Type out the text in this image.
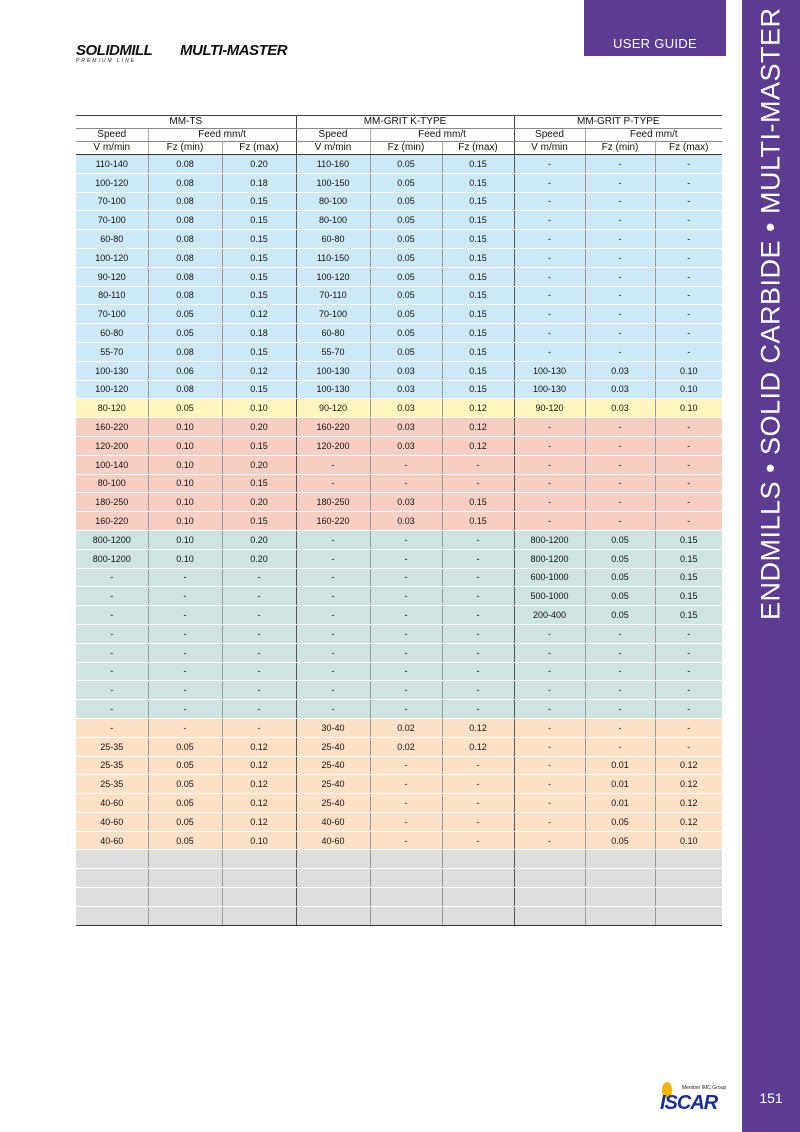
SOLIDMILL
PREMIUM LINE
MULTI-MASTER	USER GUIDE	ENDMILLS • SOLID CARBIDE • MULTI-MASTER
151
Member IMC Group
ISCAR
MM-TS			MM-GRIT K-TYPE			MM-GRIT P-TYPE		
Speed	Feed mm/t		Speed	Feed mm/t		Speed	Feed mm/t	
V m/min	Fz (min)	Fz (max)	V m/min	Fz (min)	Fz (max)	V m/min	Fz (min)	Fz (max)
110-140	0.08	0.20	110-160	0.05	0.15	-	-	-
100-120	0.08	0.18	100-150	0.05	0.15	-	-	-
70-100	0.08	0.15	80-100	0.05	0.15	-	-	-
70-100	0.08	0.15	80-100	0.05	0.15	-	-	-
60-80	0.08	0.15	60-80	0.05	0.15	-	-	-
100-120	0.08	0.15	110-150	0.05	0.15	-	-	-
90-120	0.08	0.15	100-120	0.05	0.15	-	-	-
80-110	0.08	0.15	70-110	0.05	0.15	-	-	-
70-100	0.05	0.12	70-100	0.05	0.15	-	-	-
60-80	0.05	0.18	60-80	0.05	0.15	-	-	-
55-70	0.08	0.15	55-70	0.05	0.15	-	-	-
100-130	0.06	0.12	100-130	0.03	0.15	100-130	0.03	0.10
100-120	0.08	0.15	100-130	0.03	0.15	100-130	0.03	0.10
80-120	0.05	0.10	90-120	0.03	0.12	90-120	0.03	0.10
160-220	0.10	0.20	160-220	0.03	0.12	-	-	-
120-200	0.10	0.15	120-200	0.03	0.12	-	-	-
100-140	0.10	0.20	-	-	-	-	-	-
80-100	0.10	0.15	-	-	-	-	-	-
180-250	0.10	0.20	180-250	0.03	0.15	-	-	-
160-220	0.10	0.15	160-220	0.03	0.15	-	-	-
800-1200	0.10	0.20	-	-	-	800-1200	0.05	0.15
800-1200	0.10	0.20	-	-	-	800-1200	0.05	0.15
-	-	-	-	-	-	600-1000	0.05	0.15
-	-	-	-	-	-	500-1000	0.05	0.15
-	-	-	-	-	-	200-400	0.05	0.15
-	-	-	-	-	-	-	-	-
-	-	-	-	-	-	-	-	-
-	-	-	-	-	-	-	-	-
-	-	-	-	-	-	-	-	-
-	-	-	-	-	-	-	-	-
-	-	-	30-40	0.02	0.12	-	-	-
25-35	0.05	0.12	25-40	0.02	0.12	-	-	-
25-35	0.05	0.12	25-40	-	-	-	0.01	0.12
25-35	0.05	0.12	25-40	-	-	-	0.01	0.12
40-60	0.05	0.12	25-40	-	-	-	0.01	0.12
40-60	0.05	0.12	40-60	-	-	-	0.05	0.12
40-60	0.05	0.10	40-60	-	-	-	0.05	0.10
